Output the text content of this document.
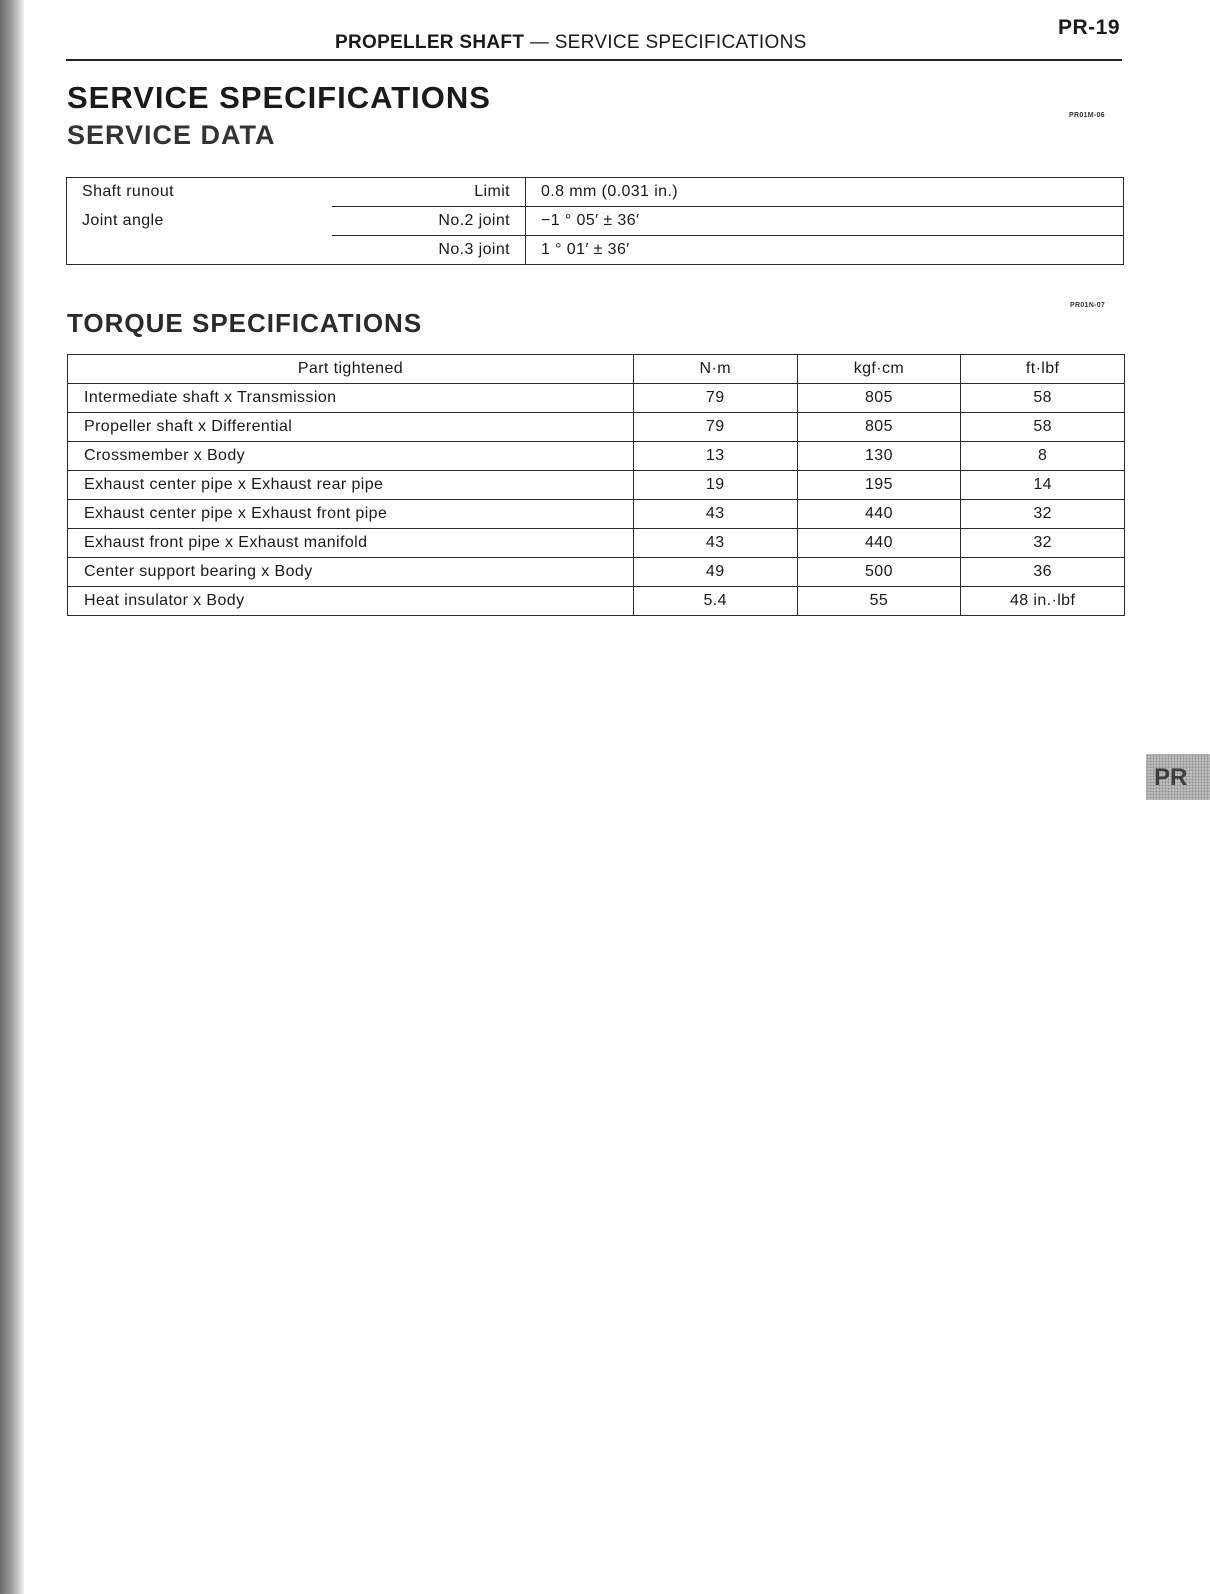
PR-19
PROPELLER SHAFT — SERVICE SPECIFICATIONS
SERVICE SPECIFICATIONS
PR01M-06
SERVICE DATA
Shaft runout	Limit	0.8 mm (0.031 in.)
Joint angle	No.2 joint	−1 ° 05′ ± 36′
	No.3 joint	1 ° 01′ ± 36′
PR01N-07
TORQUE SPECIFICATIONS
Part tightened	N·m	kgf·cm	ft·lbf
Intermediate shaft x Transmission	79	805	58
Propeller shaft x Differential	79	805	58
Crossmember x Body	13	130	8
Exhaust center pipe x Exhaust rear pipe	19	195	14
Exhaust center pipe x Exhaust front pipe	43	440	32
Exhaust front pipe x Exhaust manifold	43	440	32
Center support bearing x Body	49	500	36
Heat insulator x Body	5.4	55	48 in.·lbf
PR
